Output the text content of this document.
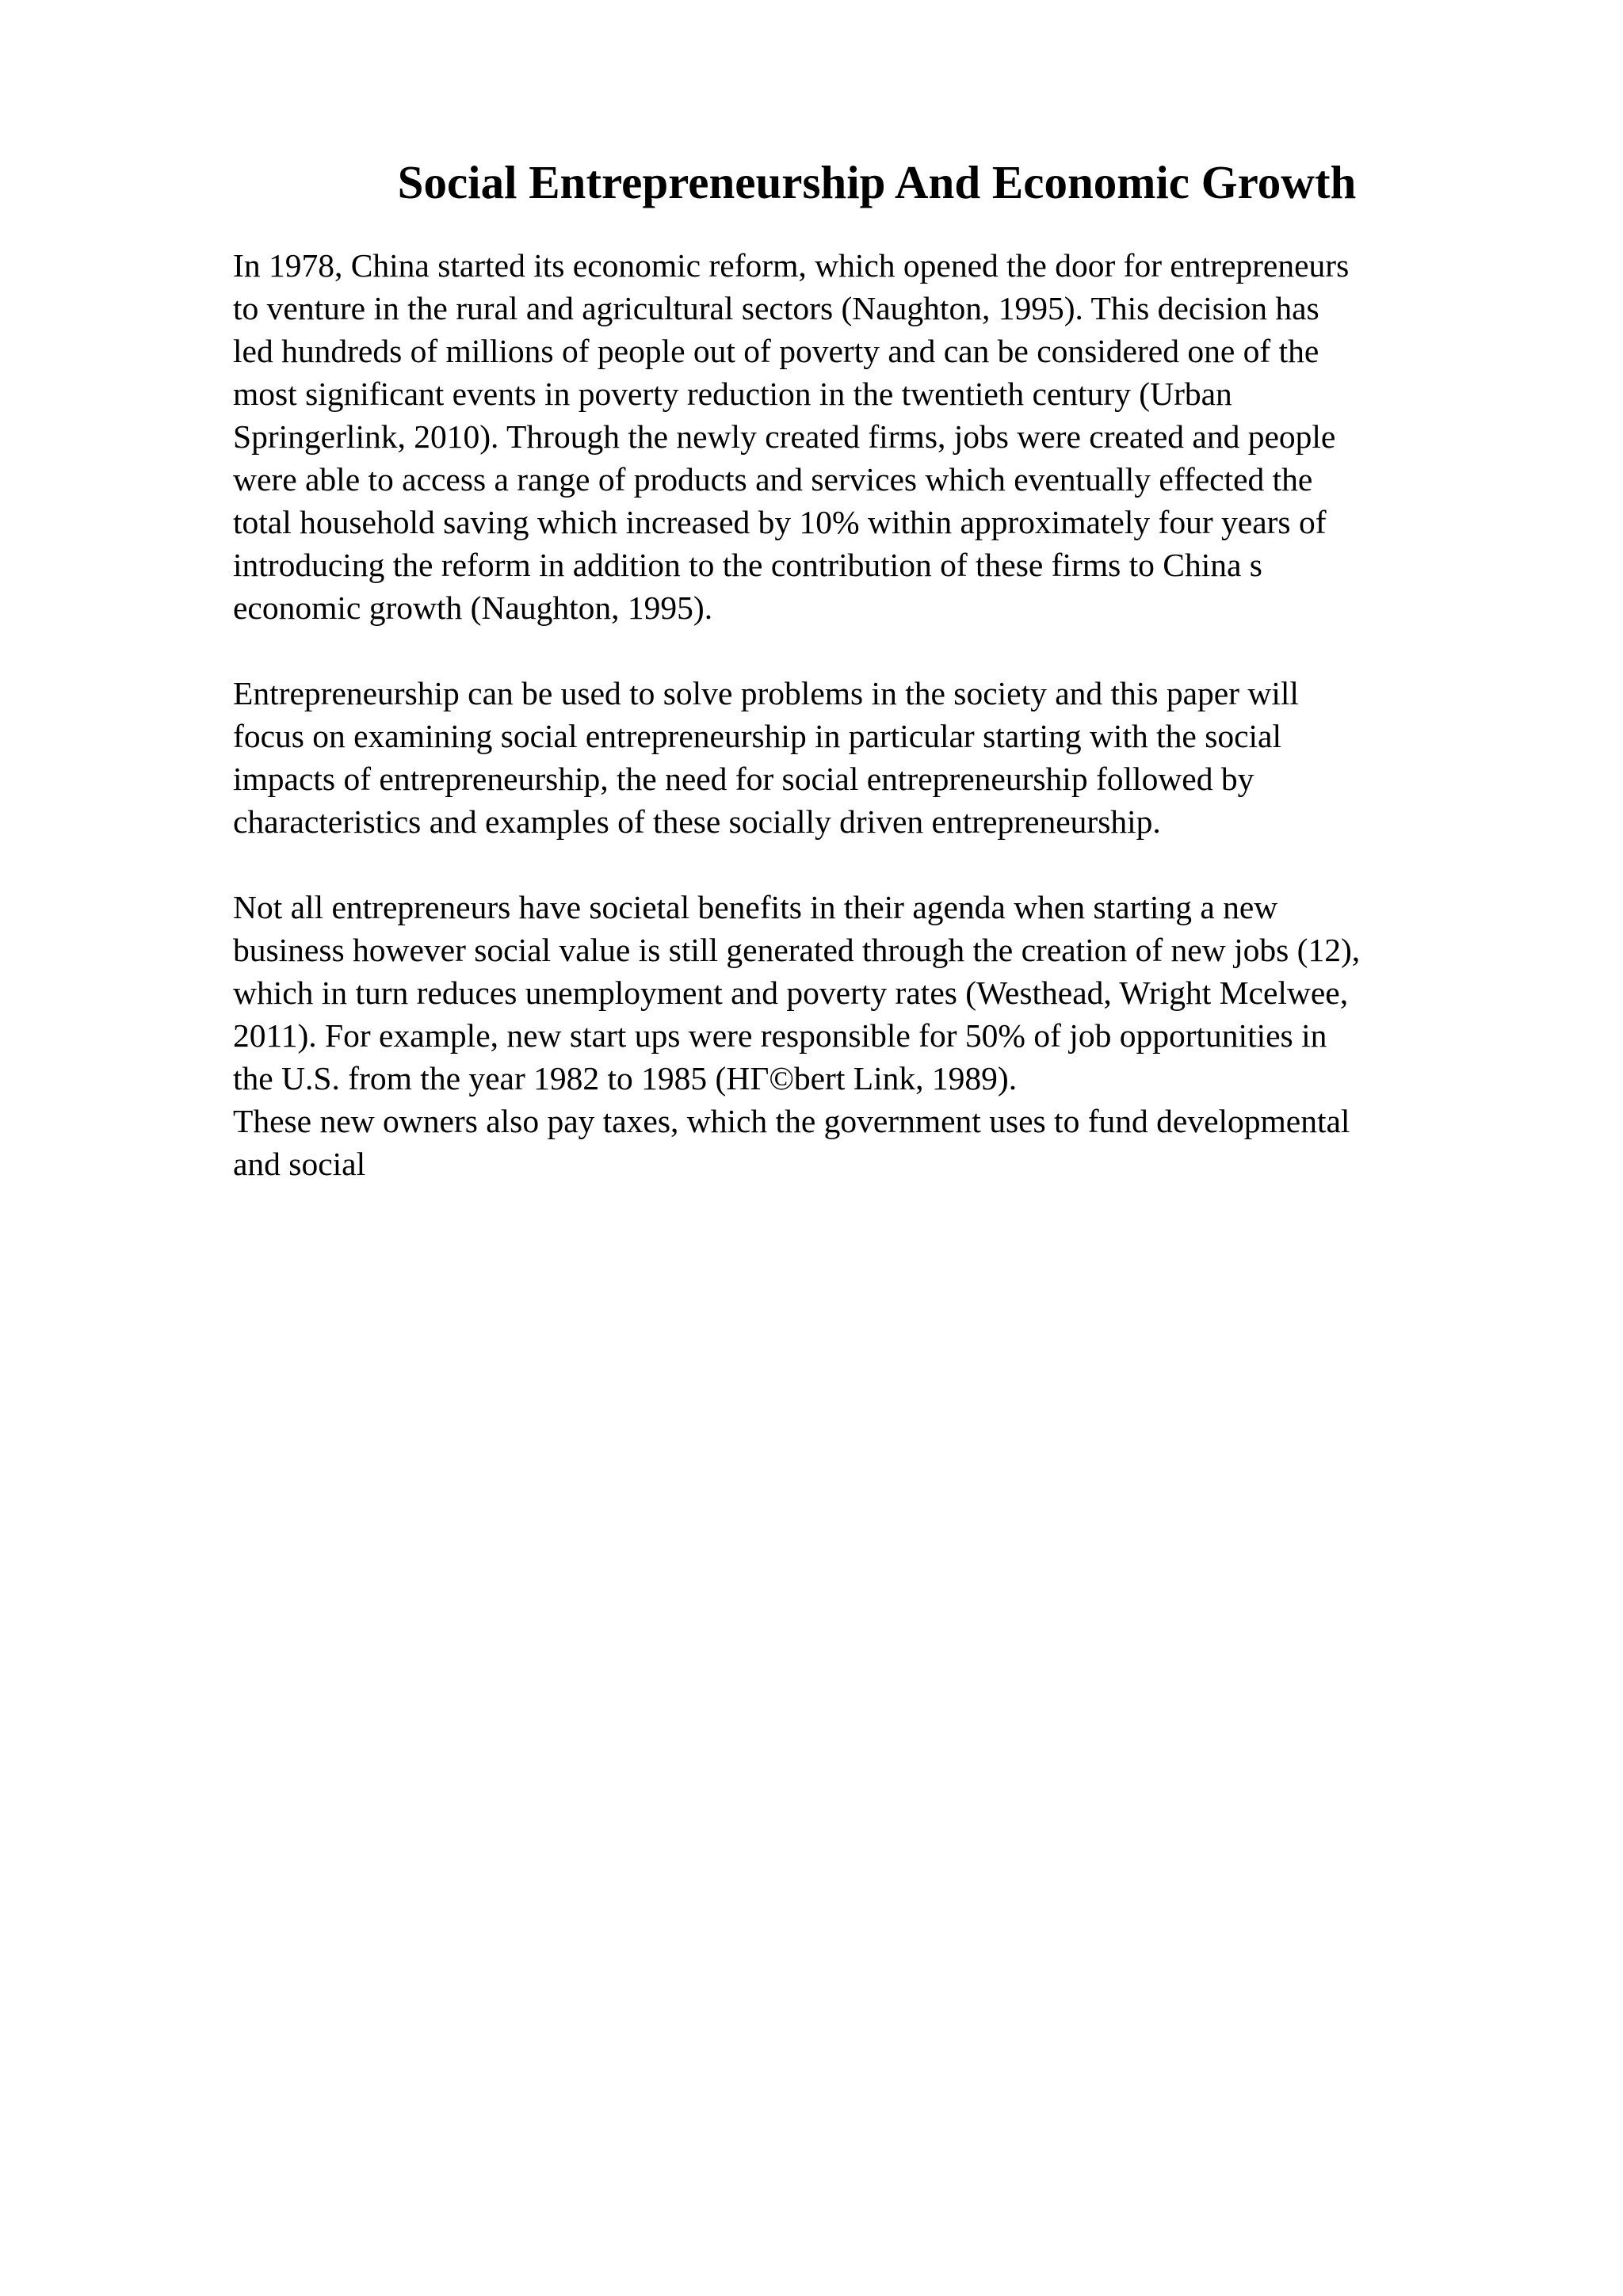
Social Entrepreneurship And Economic Growth

In 1978, China started its economic reform, which opened the door for entrepreneurs
to venture in the rural and agricultural sectors (Naughton, 1995). This decision has
led hundreds of millions of people out of poverty and can be considered one of the
most significant events in poverty reduction in the twentieth century (Urban
Springerlink, 2010). Through the newly created firms, jobs were created and people
were able to access a range of products and services which eventually effected the
total household saving which increased by 10% within approximately four years of
introducing the reform in addition to the contribution of these firms to China s
economic growth (Naughton, 1995).

Entrepreneurship can be used to solve problems in the society and this paper will
focus on examining social entrepreneurship in particular starting with the social
impacts of entrepreneurship, the need for social entrepreneurship followed by
characteristics and examples of these socially driven entrepreneurship.

Not all entrepreneurs have societal benefits in their agenda when starting a new
business however social value is still generated through the creation of new jobs (12),
which in turn reduces unemployment and poverty rates (Westhead, Wright Mcelwee,
2011). For example, new start ups were responsible for 50% of job opportunities in
the U.S. from the year 1982 to 1985 (HГ©bert Link, 1989).
These new owners also pay taxes, which the government uses to fund developmental
and social
